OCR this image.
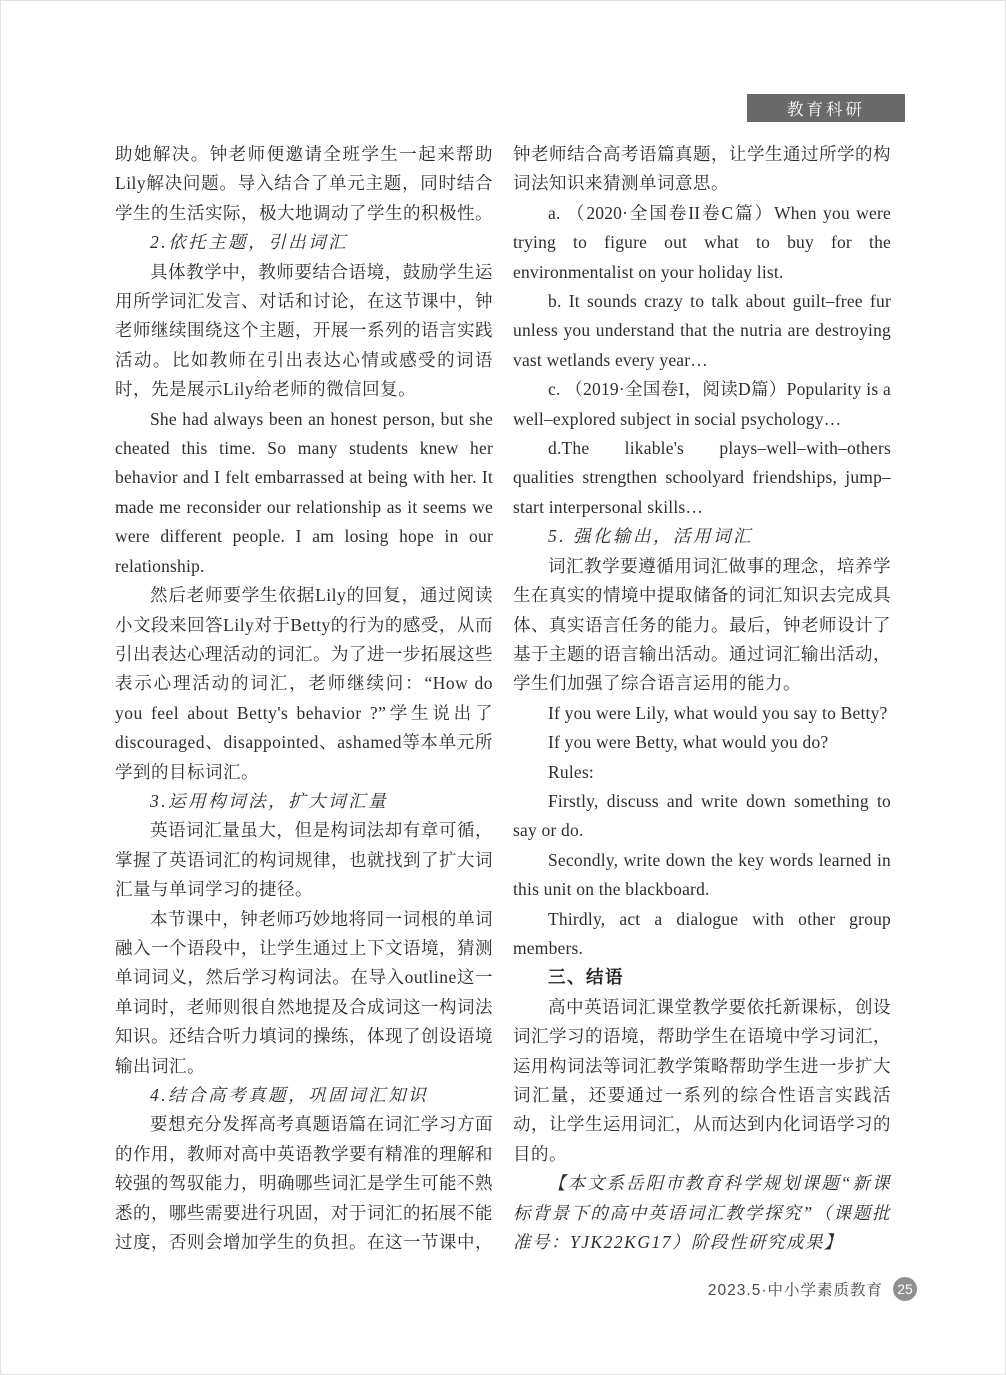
教育科研

助她解决。钟老师便邀请全班学生一起来帮助Lily解决问题。导入结合了单元主题，同时结合学生的生活实际，极大地调动了学生的积极性。

2.依托主题，引出词汇

具体教学中，教师要结合语境，鼓励学生运用所学词汇发言、对话和讨论，在这节课中，钟老师继续围绕这个主题，开展一系列的语言实践活动。比如教师在引出表达心情或感受的词语时，先是展示Lily给老师的微信回复。

She had always been an honest person, but she cheated this time. So many students knew her behavior and I felt embarrassed at being with her. It made me reconsider our relationship as it seems we were different people. I am losing hope in our relationship.

然后老师要学生依据Lily的回复，通过阅读小文段来回答Lily对于Betty的行为的感受，从而引出表达心理活动的词汇。为了进一步拓展这些表示心理活动的词汇，老师继续问：“How do you feel about Betty's behavior ?”学生说出了discouraged、disappointed、ashamed等本单元所学到的目标词汇。

3.运用构词法，扩大词汇量

英语词汇量虽大，但是构词法却有章可循，掌握了英语词汇的构词规律，也就找到了扩大词汇量与单词学习的捷径。

本节课中，钟老师巧妙地将同一词根的单词融入一个语段中，让学生通过上下文语境，猜测单词词义，然后学习构词法。在导入outline这一单词时，老师则很自然地提及合成词这一构词法知识。还结合听力填词的操练，体现了创设语境输出词汇。

4.结合高考真题，巩固词汇知识

要想充分发挥高考真题语篇在词汇学习方面的作用，教师对高中英语教学要有精准的理解和较强的驾驭能力，明确哪些词汇是学生可能不熟悉的，哪些需要进行巩固，对于词汇的拓展不能过度，否则会增加学生的负担。在这一节课中，

钟老师结合高考语篇真题，让学生通过所学的构词法知识来猜测单词意思。

a. （2020·全国卷II卷C篇）When you were trying to figure out what to buy for the environmentalist on your holiday list.

b. It sounds crazy to talk about guilt–free fur unless you understand that the nutria are destroying vast wetlands every year…

c. （2019·全国卷I，阅读D篇）Popularity is a well–explored subject in social psychology…

d.The likable's plays–well–with–others qualities strengthen schoolyard friendships, jump–start interpersonal skills…

5. 强化输出，活用词汇

词汇教学要遵循用词汇做事的理念，培养学生在真实的情境中提取储备的词汇知识去完成具体、真实语言任务的能力。最后，钟老师设计了基于主题的语言输出活动。通过词汇输出活动，学生们加强了综合语言运用的能力。

If you were Lily, what would you say to Betty?

If you were Betty, what would you do?

Rules:

Firstly, discuss and write down something to say or do.

Secondly, write down the key words learned in this unit on the blackboard.

Thirdly, act a dialogue with other group members.

三、结语

高中英语词汇课堂教学要依托新课标，创设词汇学习的语境，帮助学生在语境中学习词汇，运用构词法等词汇教学策略帮助学生进一步扩大词汇量，还要通过一系列的综合性语言实践活动，让学生运用词汇，从而达到内化词语学习的目的。

【本文系岳阳市教育科学规划课题“新课标背景下的高中英语词汇教学探究”（课题批准号：YJK22KG17）阶段性研究成果】

2023.5·中小学素质教育	25
